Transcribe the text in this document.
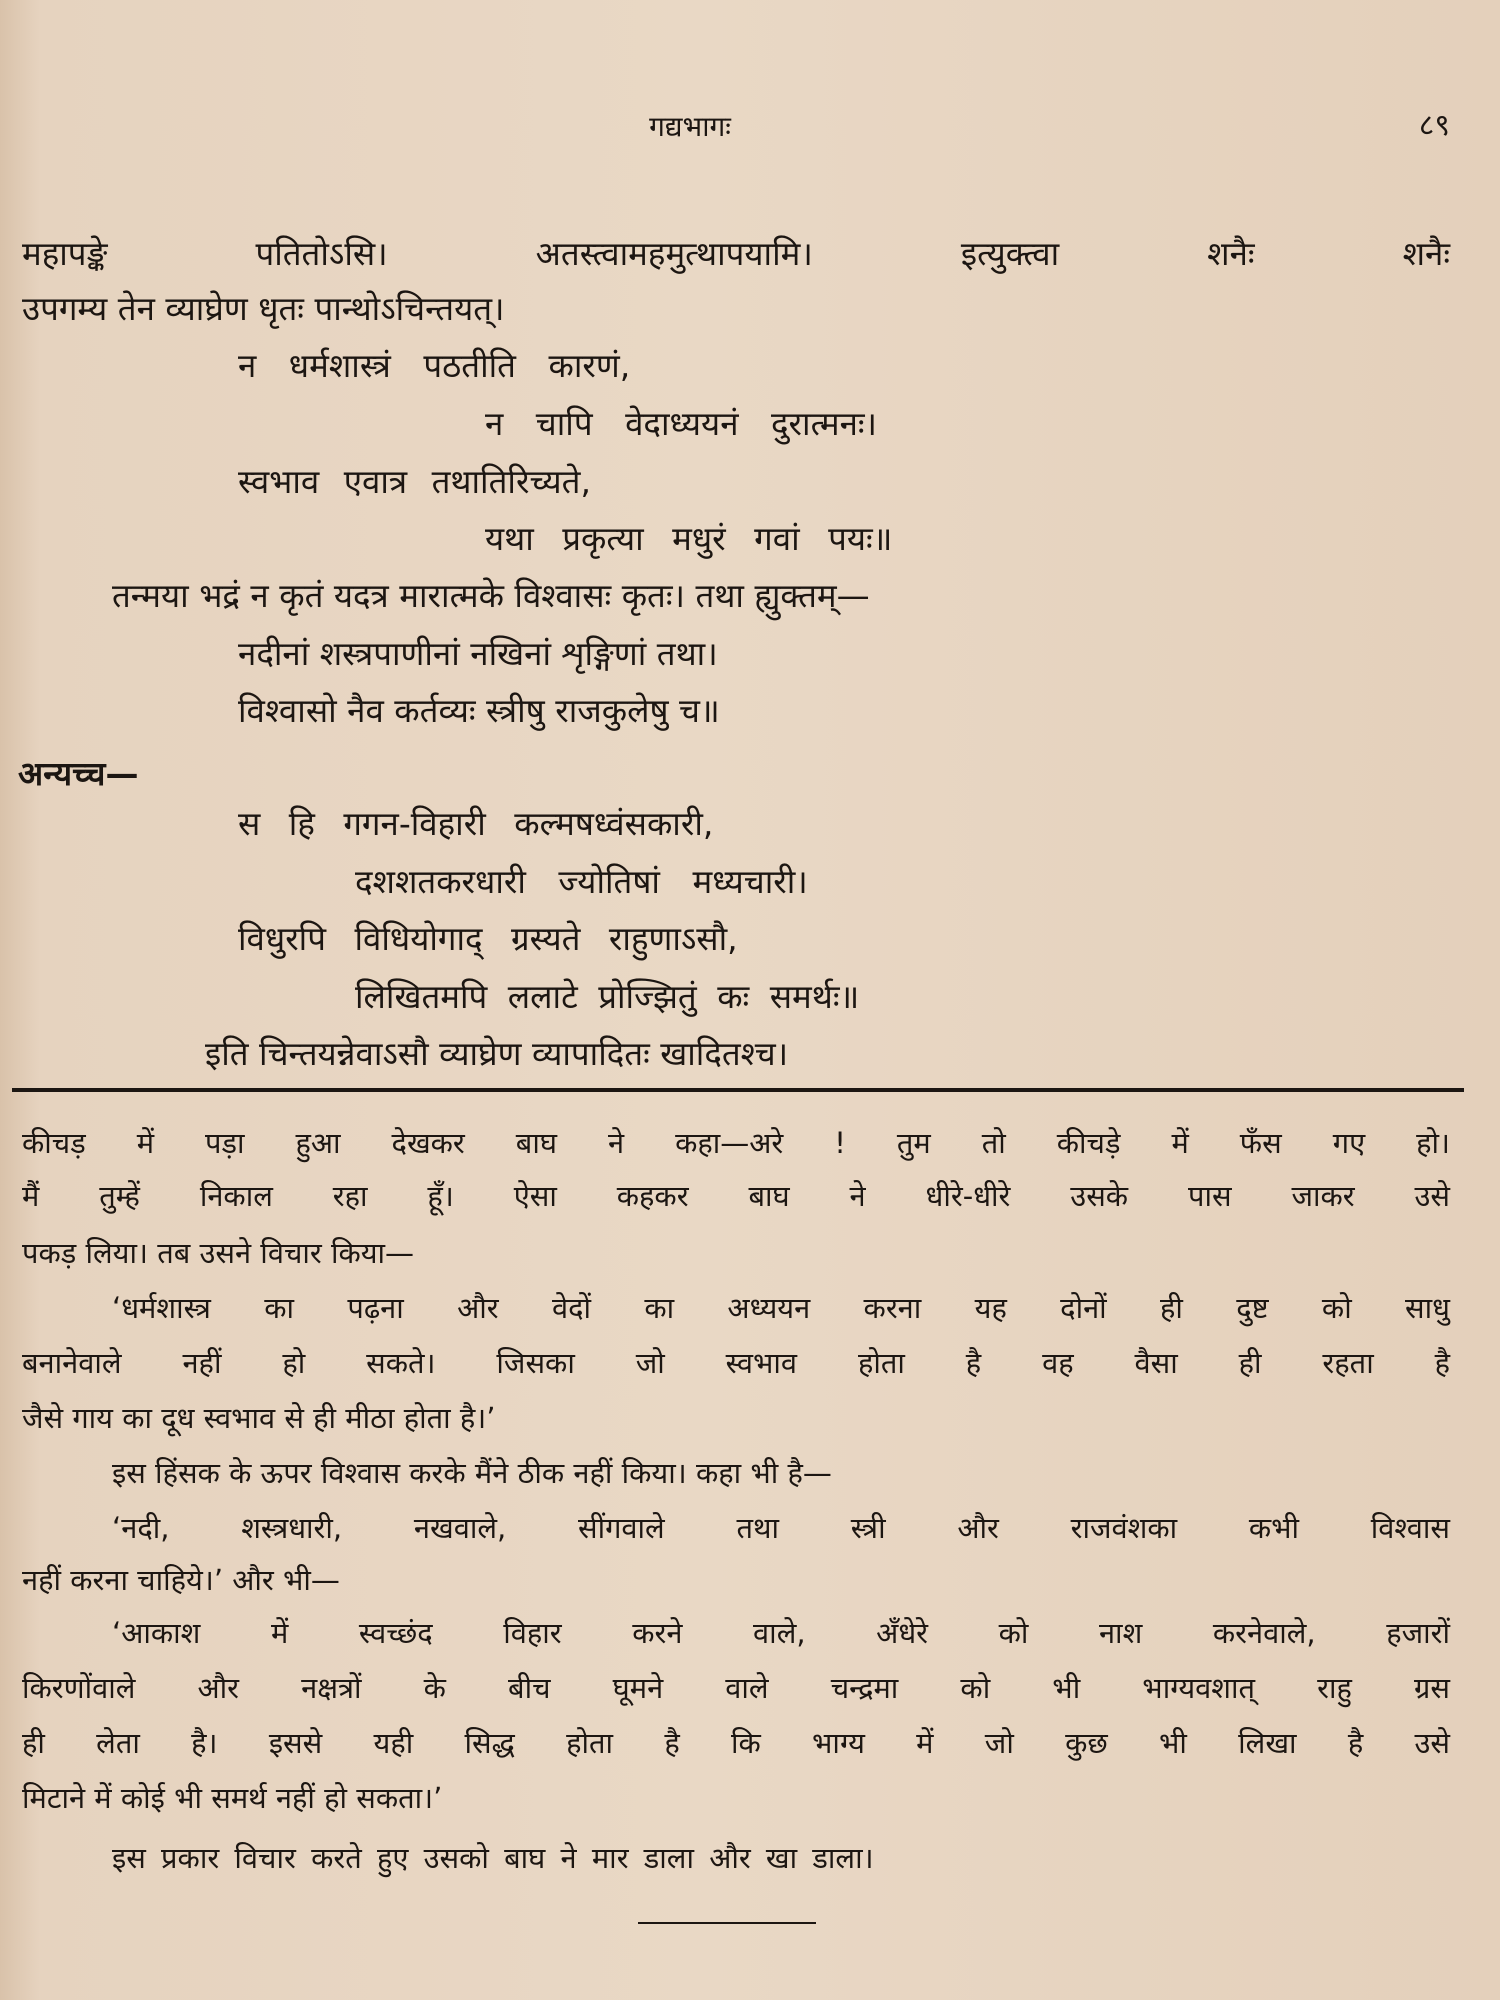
गद्यभागः	८९
महापङ्के पतितोऽसि। अतस्त्वामहमुत्थापयामि। इत्युक्त्वा शनैः शनैः
उपगम्य तेन व्याघ्रेण धृतः पान्थोऽचिन्तयत्।
न धर्मशास्त्रं पठतीति कारणं,
न चापि वेदाध्ययनं दुरात्मनः।
स्वभाव एवात्र तथातिरिच्यते,
यथा प्रकृत्या मधुरं गवां पयः॥
तन्मया भद्रं न कृतं यदत्र मारात्मके विश्वासः कृतः। तथा ह्युक्तम्—
नदीनां शस्त्रपाणीनां नखिनां शृङ्गिणां तथा।
विश्वासो नैव कर्तव्यः स्त्रीषु राजकुलेषु च॥
अन्यच्च—
स हि गगन-विहारी कल्मषध्वंसकारी,
दशशतकरधारी ज्योतिषां मध्यचारी।
विधुरपि विधियोगाद् ग्रस्यते राहुणाऽसौ,
लिखितमपि ललाटे प्रोज्झितुं कः समर्थः॥
इति चिन्तयन्नेवाऽसौ व्याघ्रेण व्यापादितः खादितश्च।
कीचड़ में पड़ा हुआ देखकर बाघ ने कहा—अरे ! तुम तो कीचड़े में फँस गए हो।
मैं तुम्हें निकाल रहा हूँ। ऐसा कहकर बाघ ने धीरे-धीरे उसके पास जाकर उसे
पकड़ लिया। तब उसने विचार किया—
‘धर्मशास्त्र का पढ़ना और वेदों का अध्ययन करना यह दोनों ही दुष्ट को साधु
बनानेवाले नहीं हो सकते। जिसका जो स्वभाव होता है वह वैसा ही रहता है
जैसे गाय का दूध स्वभाव से ही मीठा होता है।’
इस हिंसक के ऊपर विश्वास करके मैंने ठीक नहीं किया। कहा भी है—
‘नदी, शस्त्रधारी, नखवाले, सींगवाले तथा स्त्री और राजवंशका कभी विश्वास
नहीं करना चाहिये।’ और भी—
‘आकाश में स्वच्छंद विहार करने वाले, अँधेरे को नाश करनेवाले, हजारों
किरणोंवाले और नक्षत्रों के बीच घूमने वाले चन्द्रमा को भी भाग्यवशात् राहु ग्रस
ही लेता है। इससे यही सिद्ध होता है कि भाग्य में जो कुछ भी लिखा है उसे
मिटाने में कोई भी समर्थ नहीं हो सकता।’
इस प्रकार विचार करते हुए उसको बाघ ने मार डाला और खा डाला।
